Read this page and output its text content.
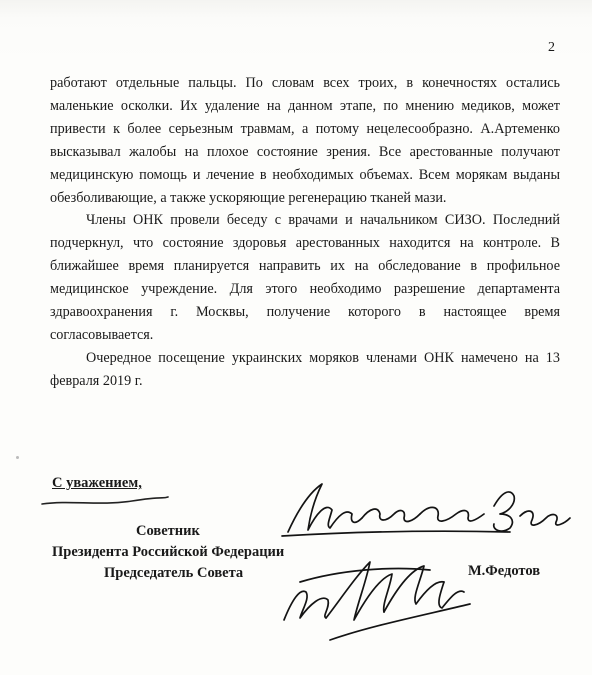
2

работают отдельные пальцы. По словам всех троих, в конечностях остались маленькие осколки. Их удаление на данном этапе, по мнению медиков, может привести к более серьезным травмам, а потому нецелесообразно. А.Артеменко высказывал жалобы на плохое состояние зрения. Все арестованные получают медицинскую помощь и лечение в необходимых объемах. Всем морякам выданы обезболивающие, а также ускоряющие регенерацию тканей мази.

Члены ОНК провели беседу с врачами и начальником СИЗО. Последний подчеркнул, что состояние здоровья арестованных находится на контроле. В ближайшее время планируется направить их на обследование в профильное медицинское учреждение. Для этого необходимо разрешение департамента здравоохранения г. Москвы, получение которого в настоящее время согласовывается.

Очередное посещение украинских моряков членами ОНК намечено на 13 февраля 2019 г.

С уважением,
Советник
Президента Российской Федерации
Председатель Совета	М.Федотов
